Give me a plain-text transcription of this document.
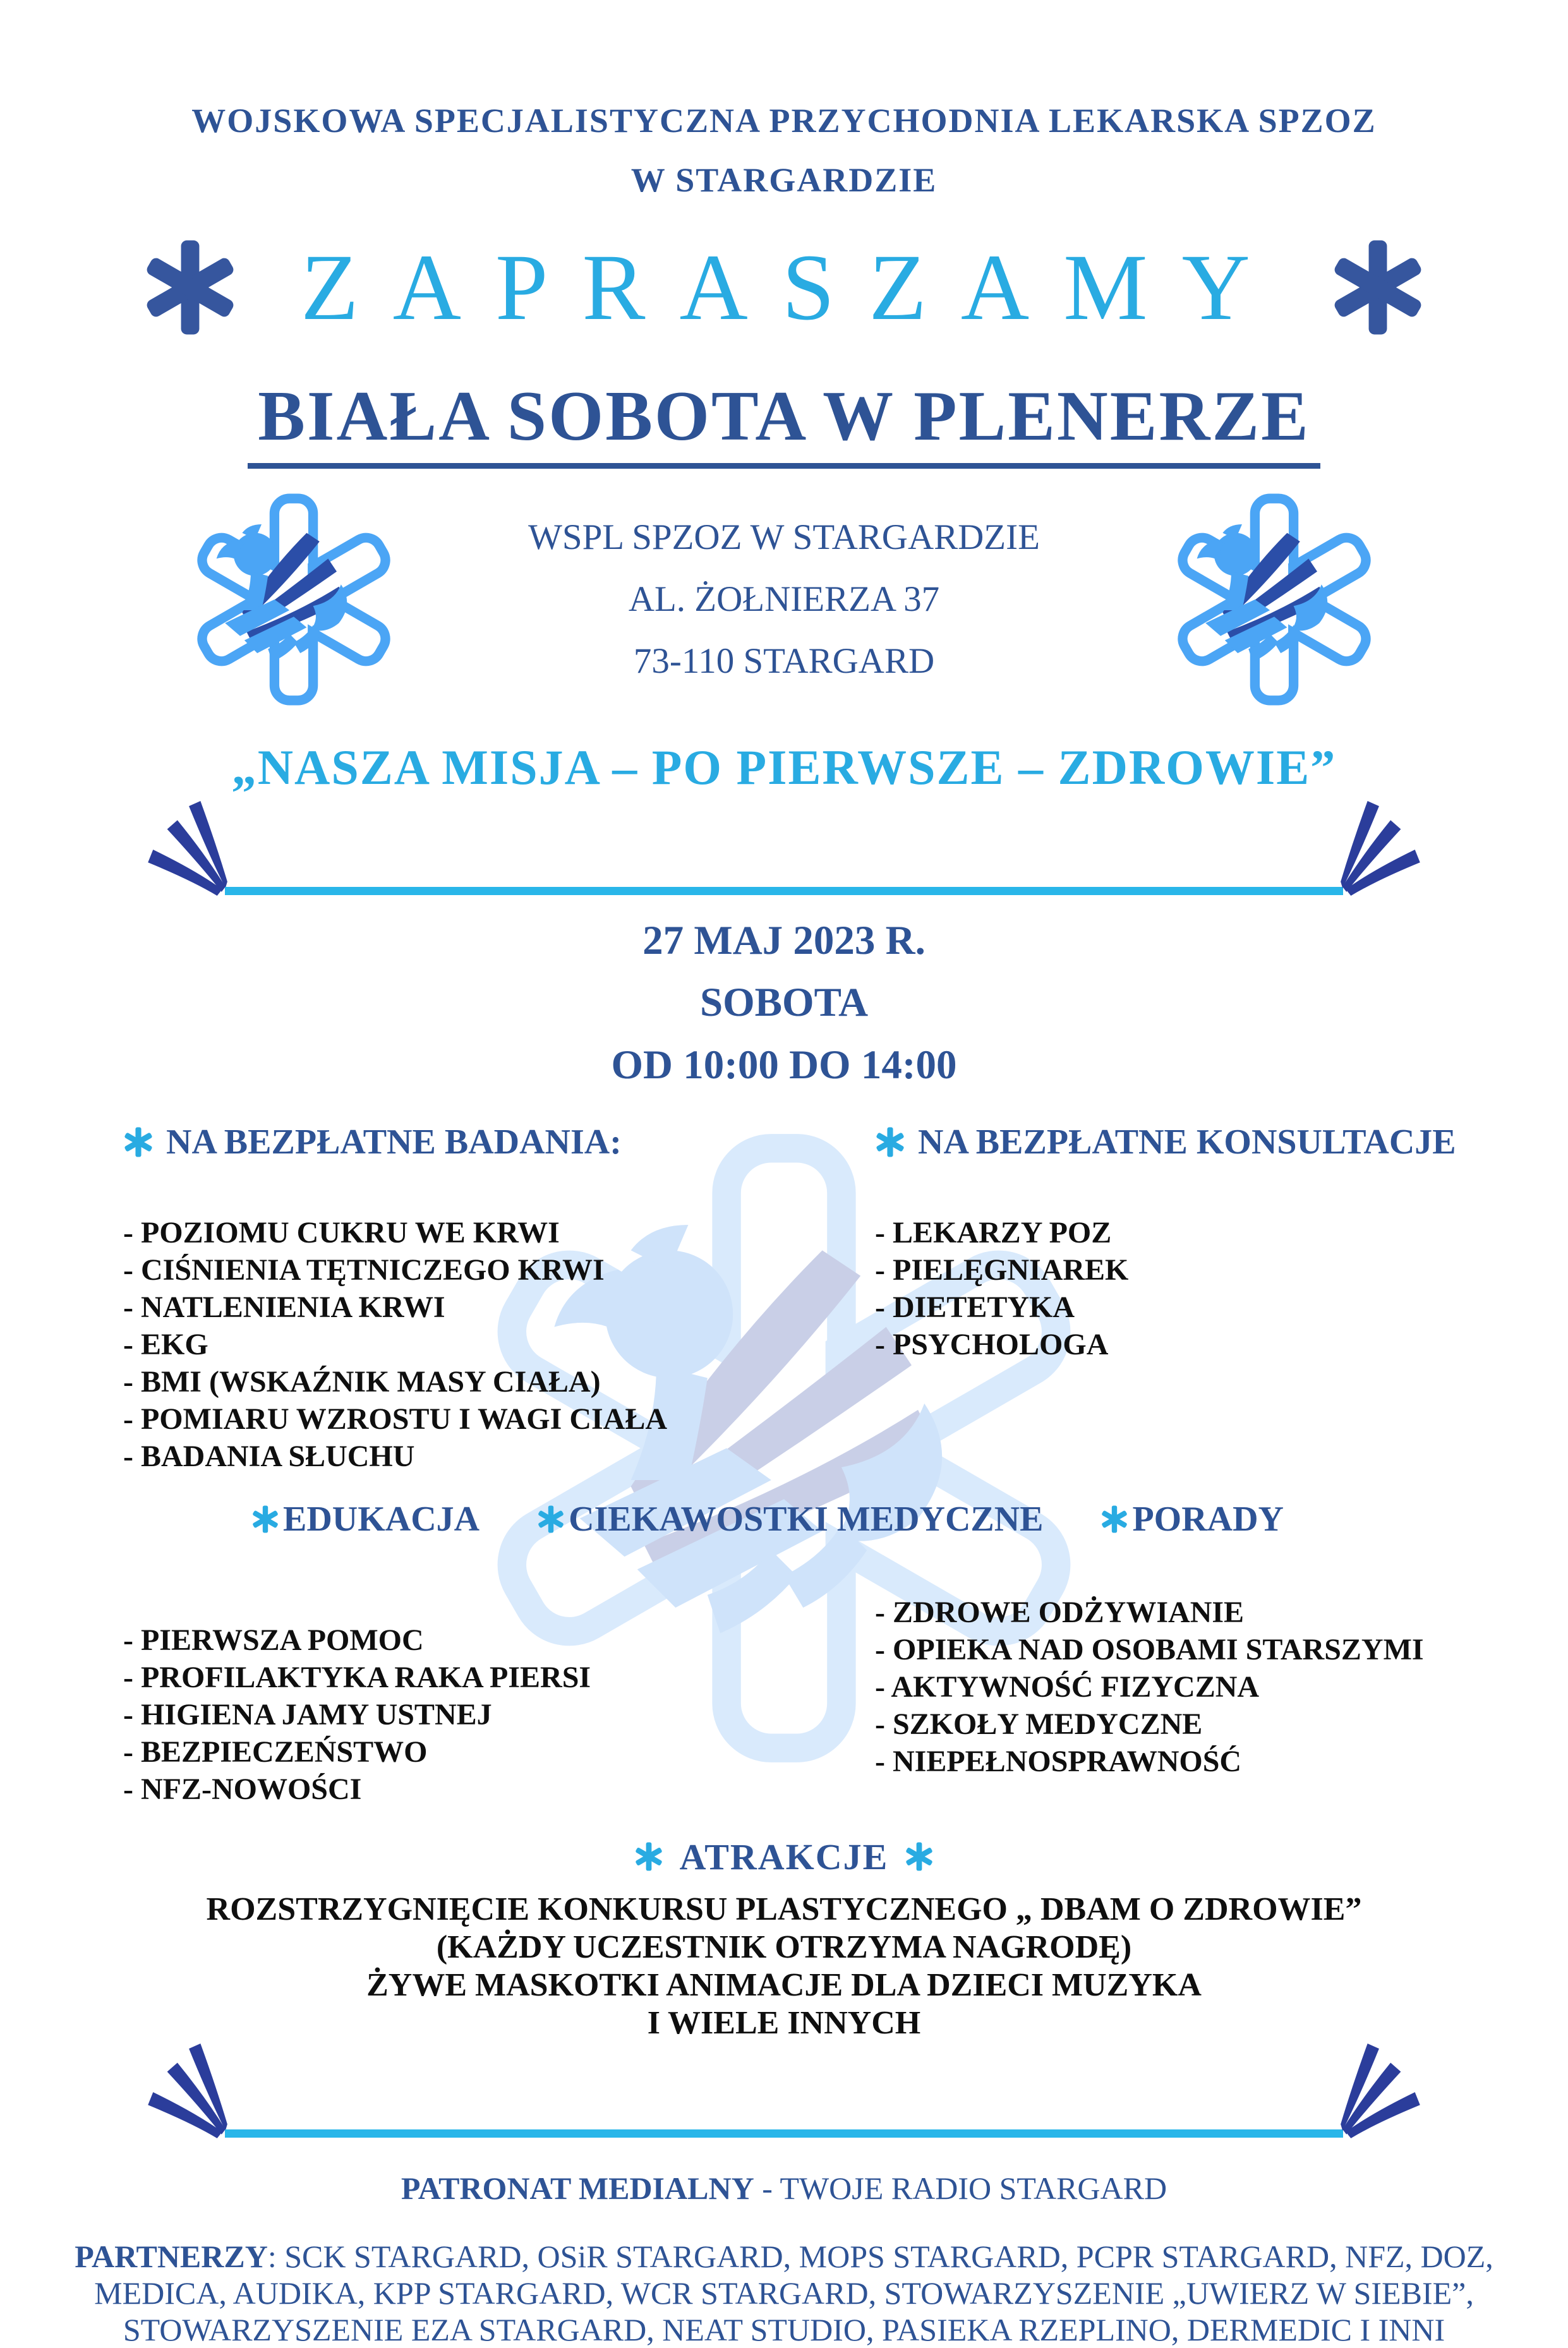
WOJSKOWA SPECJALISTYCZNA PRZYCHODNIA LEKARSKA SPZOZ
W STARGARDZIE
ZAPRASZAMY
BIAŁA SOBOTA W PLENERZE
WSPL SPZOZ W STARGARDZIE
AL. ŻOŁNIERZA 37
73-110 STARGARD
„NASZA MISJA – PO PIERWSZE – ZDROWIE”
27 MAJ 2023 R.
SOBOTA
OD 10:00 DO 14:00
NA BEZPŁATNE BADANIA:
- POZIOMU CUKRU WE KRWI
- CIŚNIENIA TĘTNICZEGO KRWI
- NATLENIENIA KRWI
- EKG
- BMI (WSKAŹNIK MASY CIAŁA)
- POMIARU WZROSTU I WAGI CIAŁA
- BADANIA SŁUCHU
NA BEZPŁATNE KONSULTACJE
- LEKARZY POZ
- PIELĘGNIAREK
- DIETETYKA
- PSYCHOLOGA
EDUKACJA	CIEKAWOSTKI MEDYCZNE	PORADY
- PIERWSZA POMOC
- PROFILAKTYKA RAKA PIERSI
- HIGIENA JAMY USTNEJ
- BEZPIECZEŃSTWO
- NFZ-NOWOŚCI
- ZDROWE ODŻYWIANIE
- OPIEKA NAD OSOBAMI STARSZYMI
- AKTYWNOŚĆ FIZYCZNA
- SZKOŁY MEDYCZNE
- NIEPEŁNOSPRAWNOŚĆ
ATRAKCJE
ROZSTRZYGNIĘCIE KONKURSU PLASTYCZNEGO „ DBAM O ZDROWIE”
(KAŻDY UCZESTNIK OTRZYMA NAGRODĘ)
ŻYWE MASKOTKI ANIMACJE DLA DZIECI MUZYKA
I WIELE INNYCH

PATRONAT MEDIALNY - TWOJE RADIO STARGARD

PARTNERZY: SCK STARGARD, OSiR STARGARD, MOPS STARGARD, PCPR STARGARD, NFZ, DOZ, MEDICA, AUDIKA, KPP STARGARD, WCR STARGARD, STOWARZYSZENIE „UWIERZ W SIEBIE”, STOWARZYSZENIE EZA STARGARD, NEAT STUDIO, PASIEKA RZEPLINO, DERMEDIC I INNI
